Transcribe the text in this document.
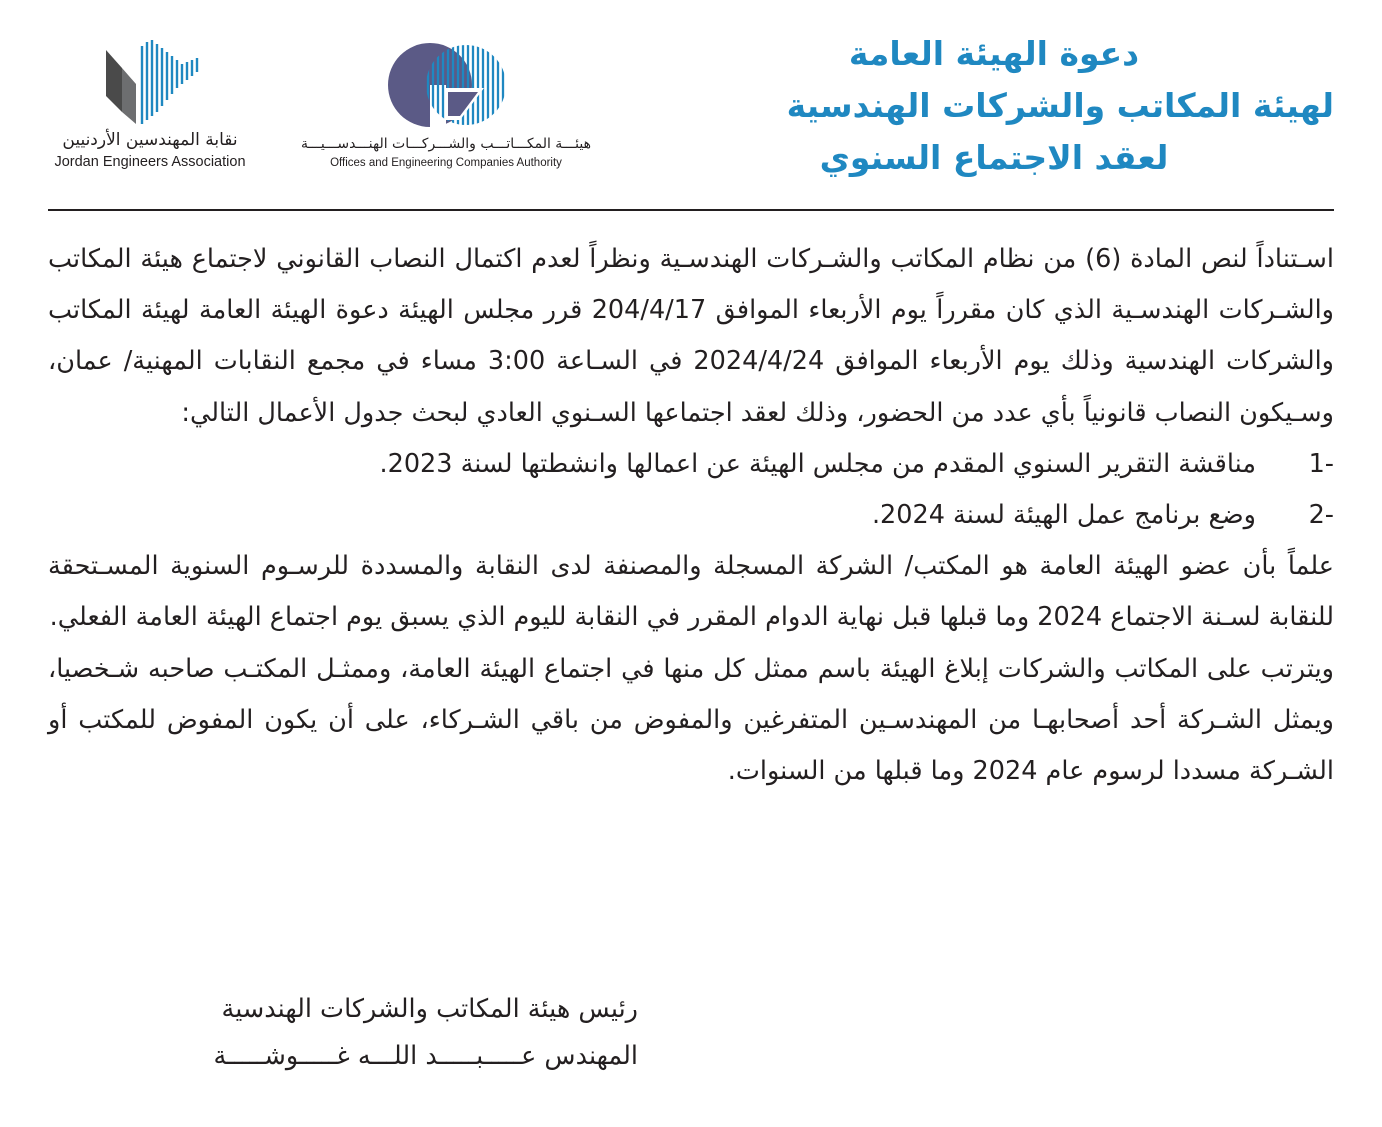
نقابة المهندسين الأردنيين
Jordan Engineers Association
هيئـــة المكـــاتـــب والشـــركـــات الهنـــدســـيـــة
Offices and Engineering Companies Authority
دعوة الهيئة العامة
لهيئة المكاتب والشركات الهندسية
لعقد الاجتماع السنوي

اسـتناداً لنص المادة (6) من نظام المكاتب والشـركات الهندسـية ونظراً لعدم اكتمال النصاب القانوني لاجتماع هيئة المكاتب والشـركات الهندسـية الذي كان مقرراً يوم الأربعاء الموافق 204/4/17 قرر مجلس الهيئة دعوة الهيئة العامة لهيئة المكاتب والشركات الهندسية وذلك يوم الأربعاء الموافق 2024/4/24 في السـاعة 3:00 مساء في مجمع النقابات المهنية/ عمان، وسـيكون النصاب قانونياً بأي عدد من الحضور، وذلك لعقد اجتماعها السـنوي العادي لبحث جدول الأعمال التالي:

1-
مناقشة التقرير السنوي المقدم من مجلس الهيئة عن اعمالها وانشطتها لسنة 2023.
2-
وضع برنامج عمل الهيئة لسنة 2024.

علماً بأن عضو الهيئة العامة هو المكتب/ الشركة المسجلة والمصنفة لدى النقابة والمسددة للرسـوم السنوية المسـتحقة للنقابة لسـنة الاجتماع 2024 وما قبلها قبل نهاية الدوام المقرر في النقابة لليوم الذي يسبق يوم اجتماع الهيئة العامة الفعلي.

ويترتب على المكاتب والشركات إبلاغ الهيئة باسم ممثل كل منها في اجتماع الهيئة العامة، وممثـل المكتـب صاحبه شـخصيا، ويمثل الشـركة أحد أصحابهـا من المهندسـين المتفرغين والمفوض من باقي الشـركاء، على أن يكون المفوض للمكتب أو الشـركة مسددا لرسوم عام 2024 وما قبلها من السنوات.

رئيس هيئة المكاتب والشركات الهندسية
المهندس عـــــبـــــد اللـــه غـــــوشـــــة
